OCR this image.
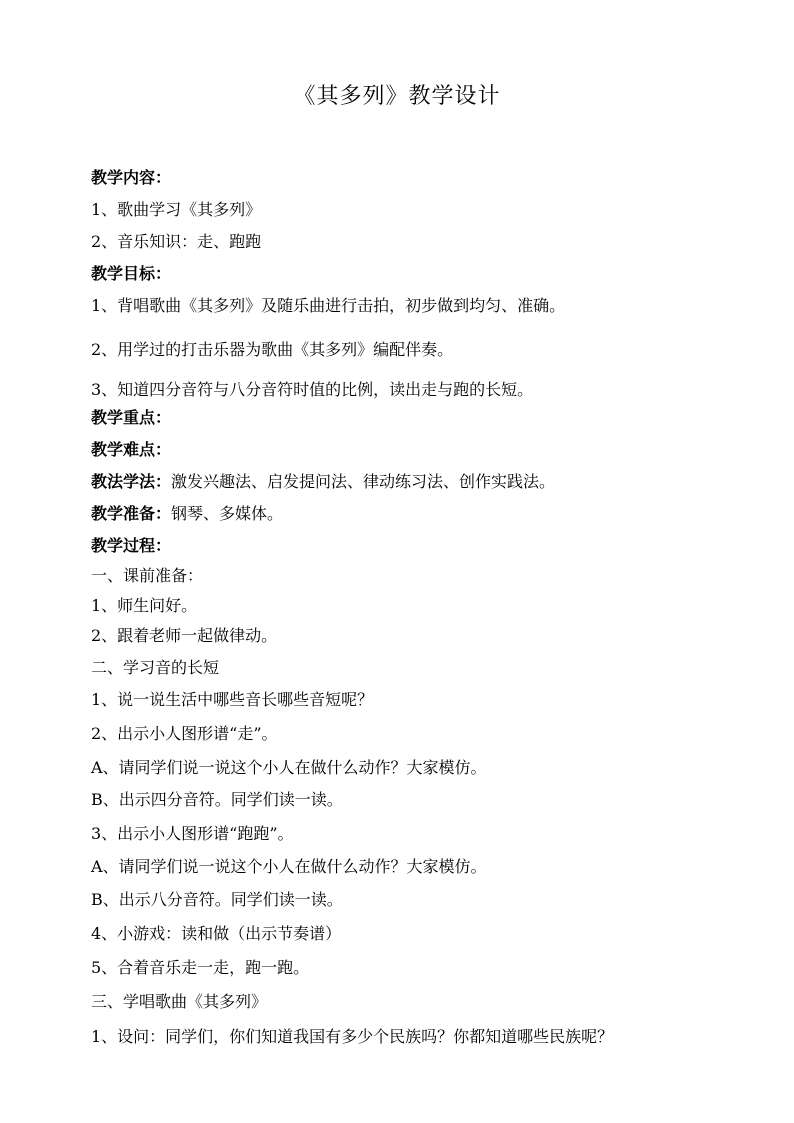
《其多列》教学设计
教学内容：
1、歌曲学习《其多列》
2、音乐知识：走、跑跑
教学目标：
1、背唱歌曲《其多列》及随乐曲进行击拍，初步做到均匀、准确。
2、用学过的打击乐器为歌曲《其多列》编配伴奏。
3、知道四分音符与八分音符时值的比例，读出走与跑的长短。
教学重点：
教学难点：
教法学法：激发兴趣法、启发提问法、律动练习法、创作实践法。
教学准备：钢琴、多媒体。
教学过程：
一、课前准备：
1、师生问好。
2、跟着老师一起做律动。
二、学习音的长短
1、说一说生活中哪些音长哪些音短呢？
2、出示小人图形谱“走”。
A、请同学们说一说这个小人在做什么动作？大家模仿。
B、出示四分音符。同学们读一读。
3、出示小人图形谱“跑跑”。
A、请同学们说一说这个小人在做什么动作？大家模仿。
B、出示八分音符。同学们读一读。
4、小游戏：读和做（出示节奏谱）
5、合着音乐走一走，跑一跑。
三、学唱歌曲《其多列》
1、设问：同学们，你们知道我国有多少个民族吗？你都知道哪些民族呢？
